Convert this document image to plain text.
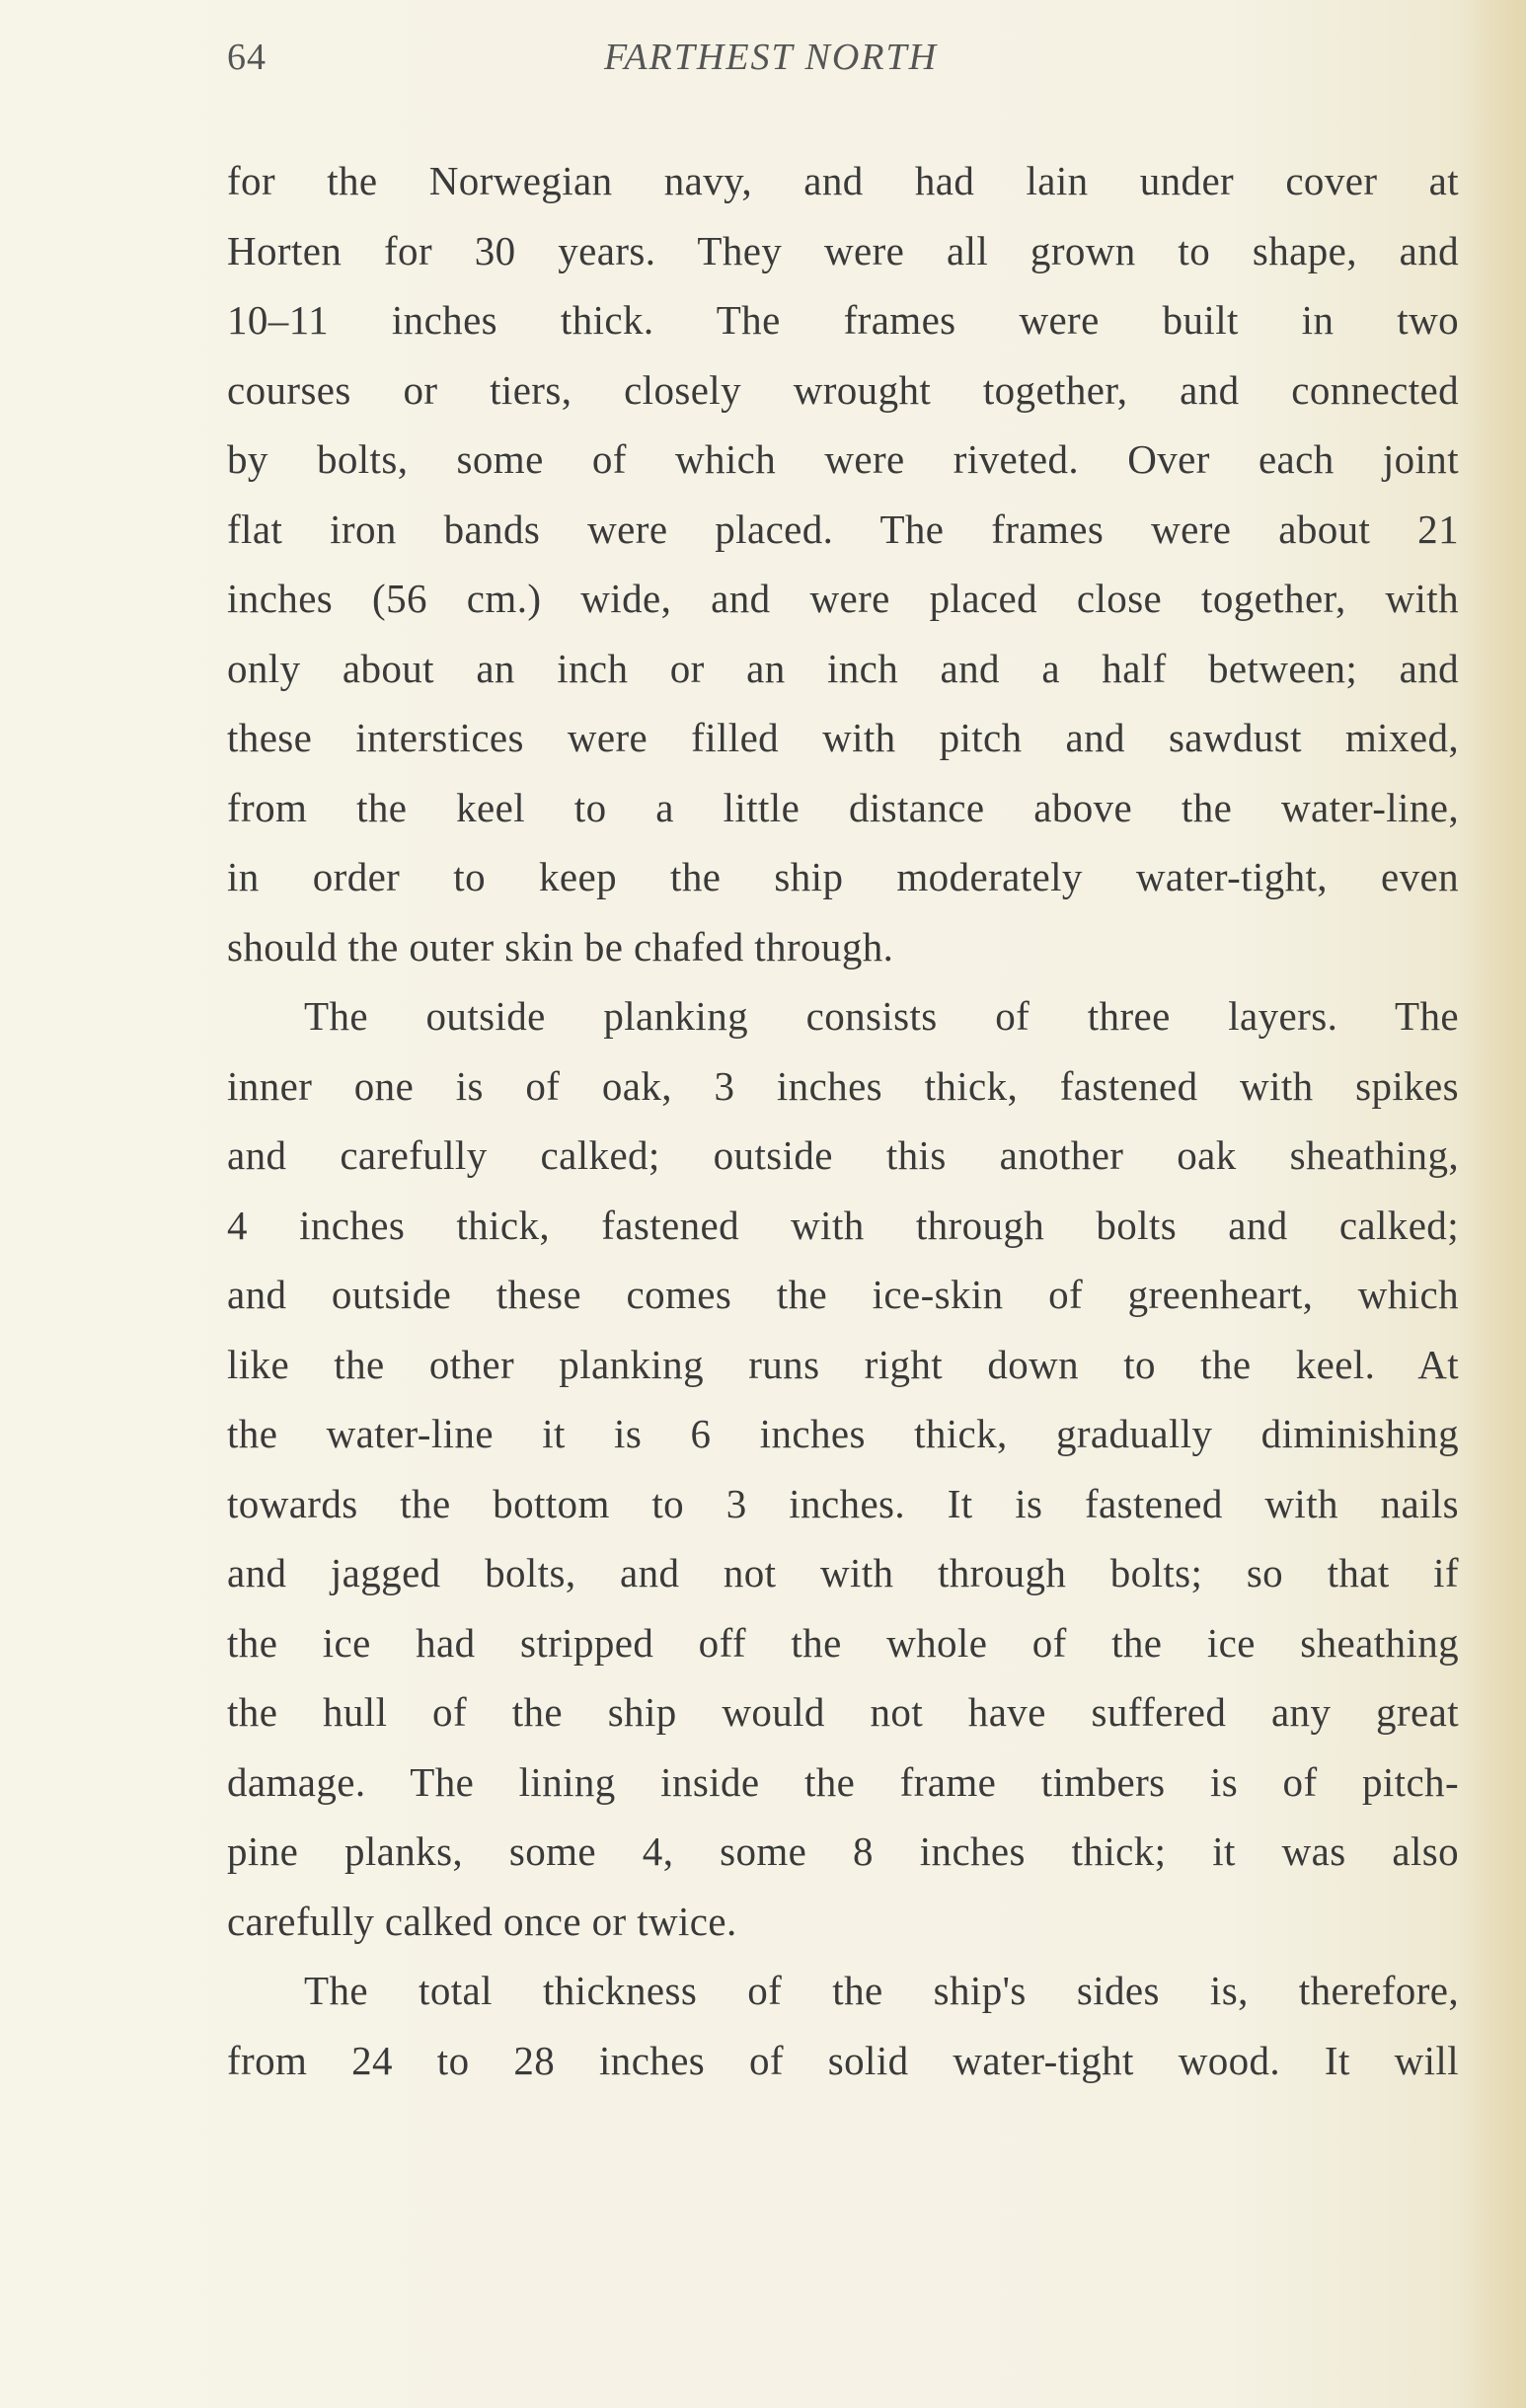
64	FARTHEST NORTH
for the Norwegian navy, and had lain under cover at
Horten for 30 years. They were all grown to shape, and
10–11 inches thick. The frames were built in two
courses or tiers, closely wrought together, and connected
by bolts, some of which were riveted. Over each joint
flat iron bands were placed. The frames were about 21
inches (56 cm.) wide, and were placed close together, with
only about an inch or an inch and a half between; and
these interstices were filled with pitch and sawdust mixed,
from the keel to a little distance above the water-line,
in order to keep the ship moderately water-tight, even
should the outer skin be chafed through.
The outside planking consists of three layers. The
inner one is of oak, 3 inches thick, fastened with spikes
and carefully calked; outside this another oak sheathing,
4 inches thick, fastened with through bolts and calked;
and outside these comes the ice-skin of greenheart, which
like the other planking runs right down to the keel. At
the water-line it is 6 inches thick, gradually diminishing
towards the bottom to 3 inches. It is fastened with nails
and jagged bolts, and not with through bolts; so that if
the ice had stripped off the whole of the ice sheathing
the hull of the ship would not have suffered any great
damage. The lining inside the frame timbers is of pitch-
pine planks, some 4, some 8 inches thick; it was also
carefully calked once or twice.
The total thickness of the ship's sides is, therefore,
from 24 to 28 inches of solid water-tight wood. It will
